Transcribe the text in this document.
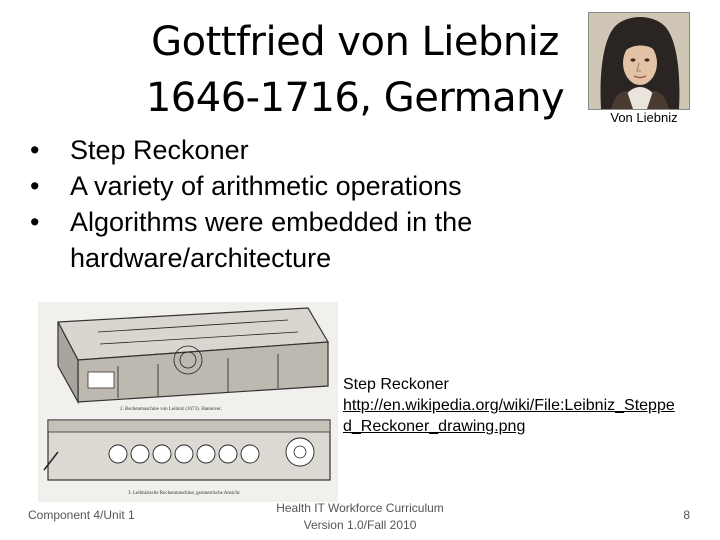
Gottfried von Liebniz
1646-1716, Germany	Von Liebniz
• Step Reckoner
• A variety of arithmetic operations
• Algorithms were embedded in the hardware/architecture
2. Rechenmaschine von Leibniz (1673). Hannover.
3. Leibnizische Rechenmaschine, geometrische Ansicht.
Step Reckoner
http://en.wikipedia.org/wiki/File:Leibniz_Stepped_Reckoner_drawing.png
Component 4/Unit 1	Health IT Workforce Curriculum
Version 1.0/Fall 2010
8
